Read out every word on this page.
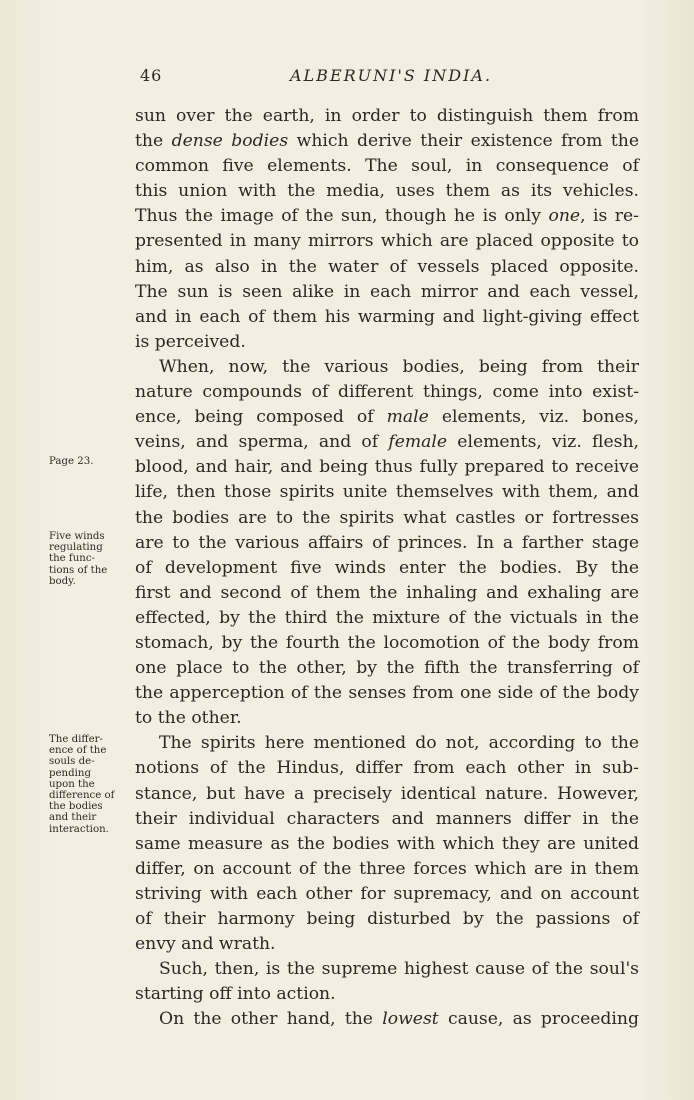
46	ALBERUNI'S INDIA.
Page 23.
Five winds
regulating
the func-
tions of the
body.
The differ-
ence of the
souls de-
pending
upon the
difference of
the bodies
and their
interaction.
sun over the earth, in order to distinguish them from
the dense bodies which derive their existence from the
common five elements. The soul, in consequence of
this union with the media, uses them as its vehicles.
Thus the image of the sun, though he is only one, is re-
presented in many mirrors which are placed opposite to
him, as also in the water of vessels placed opposite.
The sun is seen alike in each mirror and each vessel,
and in each of them his warming and light-giving effect
is perceived.
When, now, the various bodies, being from their
nature compounds of different things, come into exist-
ence, being composed of male elements, viz. bones,
veins, and sperma, and of female elements, viz. flesh,
blood, and hair, and being thus fully prepared to receive
life, then those spirits unite themselves with them, and
the bodies are to the spirits what castles or fortresses
are to the various affairs of princes. In a farther stage
of development five winds enter the bodies. By the
first and second of them the inhaling and exhaling are
effected, by the third the mixture of the victuals in the
stomach, by the fourth the locomotion of the body from
one place to the other, by the fifth the transferring of
the apperception of the senses from one side of the body
to the other.
The spirits here mentioned do not, according to the
notions of the Hindus, differ from each other in sub-
stance, but have a precisely identical nature. However,
their individual characters and manners differ in the
same measure as the bodies with which they are united
differ, on account of the three forces which are in them
striving with each other for supremacy, and on account
of their harmony being disturbed by the passions of
envy and wrath.
Such, then, is the supreme highest cause of the soul's
starting off into action.
On the other hand, the lowest cause, as proceeding
